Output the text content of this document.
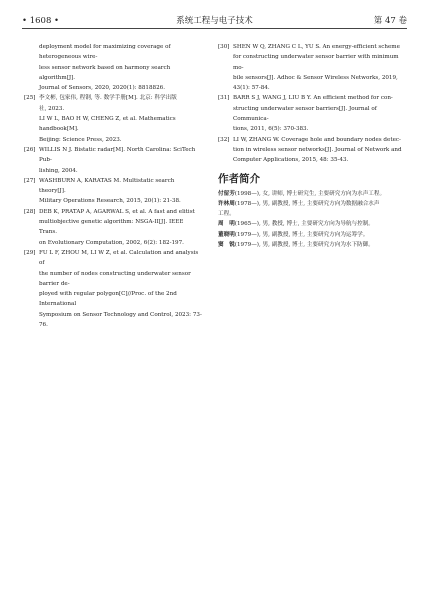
• 1608 •	系统工程与电子技术	第 47 卷
deployment model for maximizing coverage of heterogeneous wire-
less sensor network based on harmony search algorithm[J].
Journal of Sensors, 2020, 2020(1): 8818826.
[25] 李文彬, 包家伟, 程钢, 等. 数学手册[M]. 北京: 科学出版
社, 2023.
LI W L, BAO H W, CHENG Z, et al. Mathematics handbook[M].
Beijing: Science Press, 2023.
[26] WILLIS N J. Bistatic radar[M]. North Carolina: SciTech Pub-
lishing, 2004.
[27] WASHBURN A, KARATAS M. Multistatic search theory[J].
Military Operations Research, 2015, 20(1): 21-38.
[28] DEB K, PRATAP A, AGARWAL S, et al. A fast and elitist
multiobjective genetic algorithm: NSGA-II[J]. IEEE Trans.
on Evolutionary Computation, 2002, 6(2): 182-197.
[29] FU L F, ZHOU M, LI W Z, et al. Calculation and analysis of
the number of nodes constructing underwater sensor barrier de-
ployed with regular polygon[C]//Proc. of the 2nd International
Symposium on Sensor Technology and Control, 2023: 73-76.
[30] SHEN W Q, ZHANG C L, YU S. An energy-efficient scheme
for constructing underwater sensor barrier with minimum mo-
bile sensors[J]. Adhoc & Sensor Wireless Networks, 2019,
43(1): 57-84.
[31] BARR S J, WANG J, LIU B Y. An efficient method for con-
structing underwater sensor barriers[J]. Journal of Communica-
tions, 2011, 6(5): 370-383.
[32] LI W, ZHANG W. Coverage hole and boundary nodes detec-
tion in wireless sensor networks[J]. Journal of Network and
Computer Applications, 2015, 48: 35-43.
作者简介
付留芳(1998—), 女, 讲师, 博士研究生, 主要研究方向为水声工程。
许林周(1978—), 男, 副教授, 博士, 主要研究方向为数据融合水声
工程。
周　明(1965—), 男, 教授, 博士, 主要研究方向为导航与控制。
董晓明(1979—), 男, 副教授, 博士, 主要研究方向为运筹学。
窦　锐(1979—), 男, 副教授, 博士, 主要研究方向为水下防御。
